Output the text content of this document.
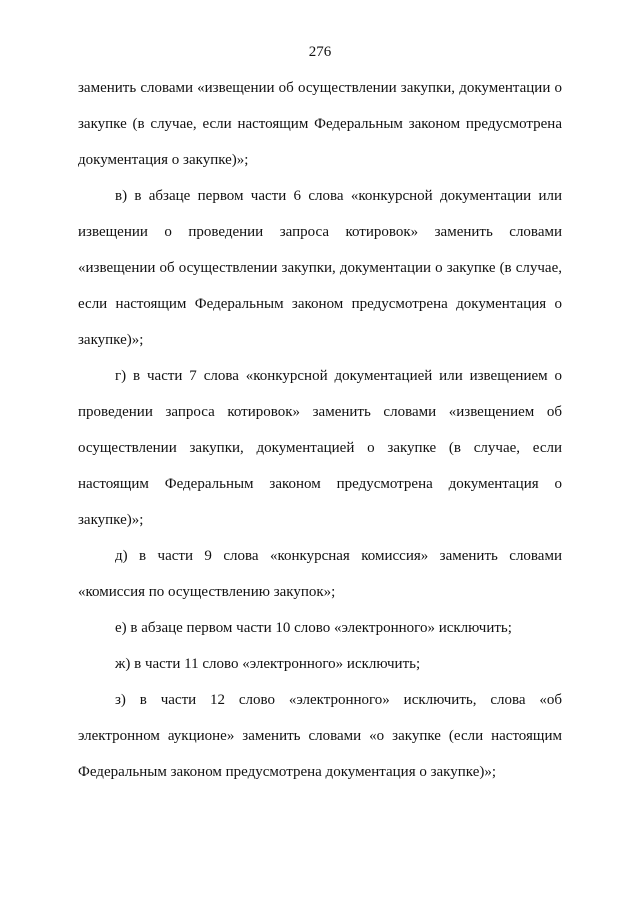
276
заменить словами «извещении об осуществлении закупки, документации о
закупке (в случае, если настоящим Федеральным законом предусмотрена
документация о закупке)»;
в) в абзаце первом части 6 слова «конкурсной документации или
извещении о проведении запроса котировок» заменить словами
«извещении об осуществлении закупки, документации о закупке (в случае,
если настоящим Федеральным законом предусмотрена документация о
закупке)»;
г) в части 7 слова «конкурсной документацией или извещением о
проведении запроса котировок» заменить словами «извещением об
осуществлении закупки, документацией о закупке (в случае, если
настоящим Федеральным законом предусмотрена документация о
закупке)»;
д) в части 9 слова «конкурсная комиссия» заменить словами
«комиссия по осуществлению закупок»;
е) в абзаце первом части 10 слово «электронного» исключить;
ж) в части 11 слово «электронного» исключить;
з) в части 12 слово «электронного» исключить, слова «об
электронном аукционе» заменить словами «о закупке (если настоящим
Федеральным законом предусмотрена документация о закупке)»;
